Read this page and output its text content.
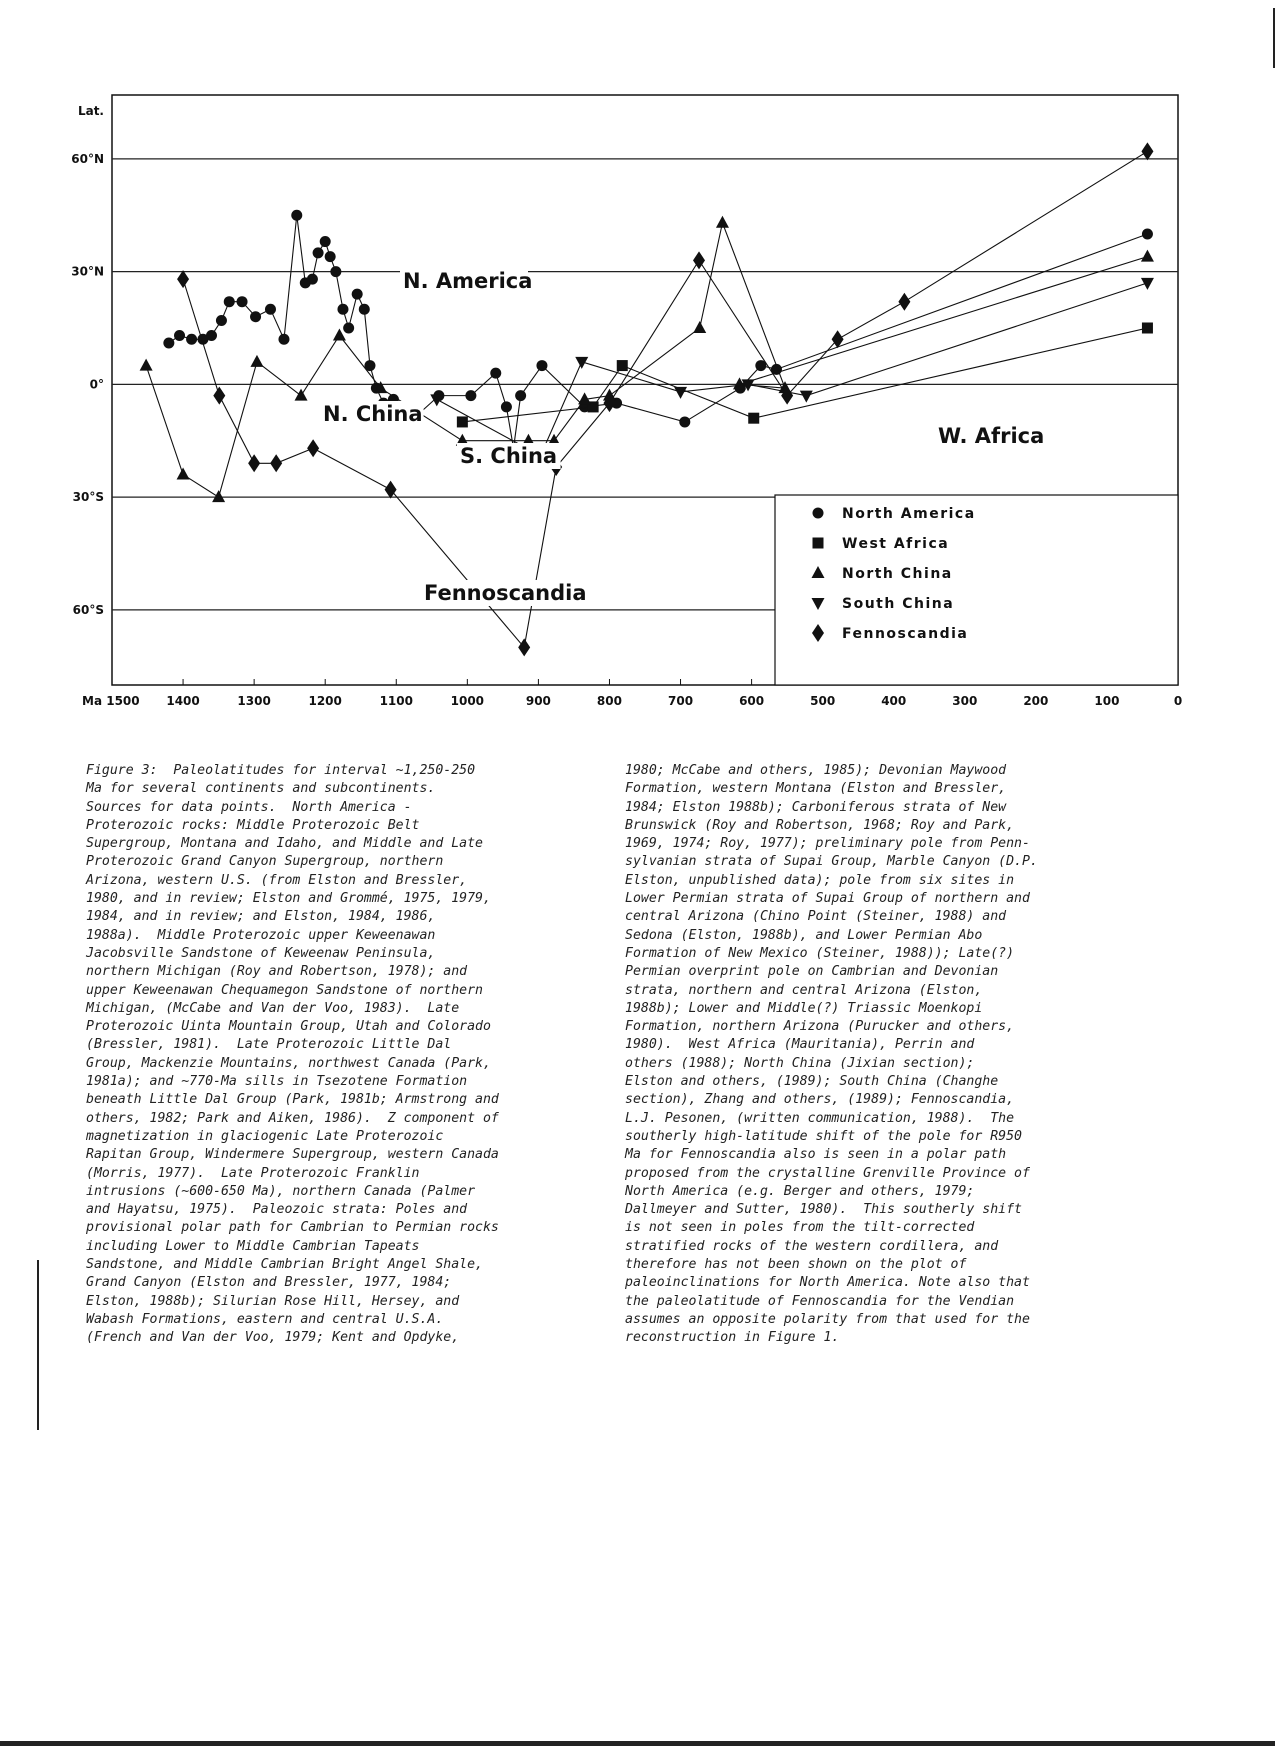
60°N
30°N
0°
30°S
60°S
Lat.
Ma 1500 1400	1300	1200	1100	1000	900	800	700	600	500	400	300	200	100	0
N. America
N. China
S. China
Fennoscandia
W. Africa
North America
West Africa
North China
South China
Fennoscandia
Figure 3:  Paleolatitudes for interval ~1,250-250
Ma for several continents and subcontinents.
Sources for data points.  North America -
Proterozoic rocks: Middle Proterozoic Belt
Supergroup, Montana and Idaho, and Middle and Late
Proterozoic Grand Canyon Supergroup, northern
Arizona, western U.S. (from Elston and Bressler,
1980, and in review; Elston and Grommé, 1975, 1979,
1984, and in review; and Elston, 1984, 1986,
1988a).  Middle Proterozoic upper Keweenawan
Jacobsville Sandstone of Keweenaw Peninsula,
northern Michigan (Roy and Robertson, 1978); and
upper Keweenawan Chequamegon Sandstone of northern
Michigan, (McCabe and Van der Voo, 1983).  Late
Proterozoic Uinta Mountain Group, Utah and Colorado
(Bressler, 1981).  Late Proterozoic Little Dal
Group, Mackenzie Mountains, northwest Canada (Park,
1981a); and ~770-Ma sills in Tsezotene Formation
beneath Little Dal Group (Park, 1981b; Armstrong and
others, 1982; Park and Aiken, 1986).  Z component of
magnetization in glaciogenic Late Proterozoic
Rapitan Group, Windermere Supergroup, western Canada
(Morris, 1977).  Late Proterozoic Franklin
intrusions (~600-650 Ma), northern Canada (Palmer
and Hayatsu, 1975).  Paleozoic strata: Poles and
provisional polar path for Cambrian to Permian rocks
including Lower to Middle Cambrian Tapeats
Sandstone, and Middle Cambrian Bright Angel Shale,
Grand Canyon (Elston and Bressler, 1977, 1984;
Elston, 1988b); Silurian Rose Hill, Hersey, and
Wabash Formations, eastern and central U.S.A.
(French and Van der Voo, 1979; Kent and Opdyke,
1980; McCabe and others, 1985); Devonian Maywood
Formation, western Montana (Elston and Bressler,
1984; Elston 1988b); Carboniferous strata of New
Brunswick (Roy and Robertson, 1968; Roy and Park,
1969, 1974; Roy, 1977); preliminary pole from Penn-
sylvanian strata of Supai Group, Marble Canyon (D.P.
Elston, unpublished data); pole from six sites in
Lower Permian strata of Supai Group of northern and
central Arizona (Chino Point (Steiner, 1988) and
Sedona (Elston, 1988b), and Lower Permian Abo
Formation of New Mexico (Steiner, 1988)); Late(?)
Permian overprint pole on Cambrian and Devonian
strata, northern and central Arizona (Elston,
1988b); Lower and Middle(?) Triassic Moenkopi
Formation, northern Arizona (Purucker and others,
1980).  West Africa (Mauritania), Perrin and
others (1988); North China (Jixian section);
Elston and others, (1989); South China (Changhe
section), Zhang and others, (1989); Fennoscandia,
L.J. Pesonen, (written communication, 1988).  The
southerly high-latitude shift of the pole for R950
Ma for Fennoscandia also is seen in a polar path
proposed from the crystalline Grenville Province of
North America (e.g. Berger and others, 1979;
Dallmeyer and Sutter, 1980).  This southerly shift
is not seen in poles from the tilt-corrected
stratified rocks of the western cordillera, and
therefore has not been shown on the plot of
paleoinclinations for North America. Note also that
the paleolatitude of Fennoscandia for the Vendian
assumes an opposite polarity from that used for the
reconstruction in Figure 1.
